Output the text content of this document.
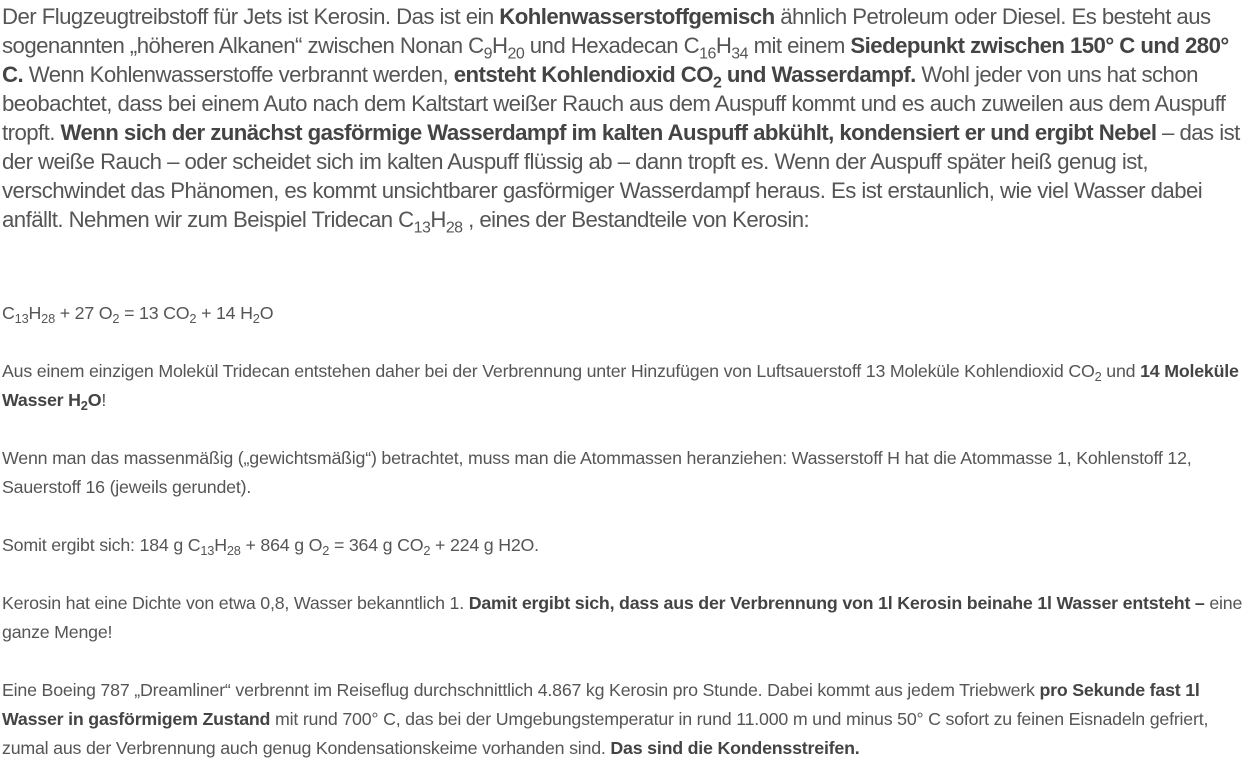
Der Flugzeugtreibstoff für Jets ist Kerosin. Das ist ein Kohlenwasserstoffgemisch ähnlich Petroleum oder Diesel. Es besteht aus sogenannten „höheren Alkanen“ zwischen Nonan $C_9H_{20}$ und Hexadecan $C_{16}H_{34}$ mit einem Siedepunkt zwischen 150° C und 280° C. Wenn Kohlenwasserstoffe verbrannt werden, entsteht Kohlendioxid $CO_2$ und Wasserdampf. Wohl jeder von uns hat schon beobachtet, dass bei einem Auto nach dem Kaltstart weißer Rauch aus dem Auspuff kommt und es auch zuweilen aus dem Auspuff tropft. Wenn sich der zunächst gasförmige Wasserdampf im kalten Auspuff abkühlt, kondensiert er und ergibt Nebel – das ist der weiße Rauch – oder scheidet sich im kalten Auspuff flüssig ab – dann tropft es. Wenn der Auspuff später heiß genug ist, verschwindet das Phänomen, es kommt unsichtbarer gasförmiger Wasserdampf heraus. Es ist erstaunlich, wie viel Wasser dabei anfällt. Nehmen wir zum Beispiel Tridecan $C_{13}H_{28}$ , eines der Bestandteile von Kerosin:

$C_{13}H_{28} + 27$ $O_2 = 13$ $CO_2 + 14$ $H_2O$

Aus einem einzigen Molekül Tridecan entstehen daher bei der Verbrennung unter Hinzufügen von Luftsauerstoff 13 Moleküle Kohlendioxid $CO_2$ und 14 Moleküle Wasser $H_2O$!

Wenn man das massenmäßig („gewichtsmäßig“) betrachtet, muss man die Atommassen heranziehen: Wasserstoff H hat die Atommasse 1, Kohlenstoff 12, Sauerstoff 16 (jeweils gerundet).

Somit ergibt sich: 184 g $C_{13}H_{28} + 864$ g $O_2 = 364$ g $CO_2 + 224$ g H2O.

Kerosin hat eine Dichte von etwa 0,8, Wasser bekanntlich 1. Damit ergibt sich, dass aus der Verbrennung von 1l Kerosin beinahe 1l Wasser entsteht – eine ganze Menge!

Eine Boeing 787 „Dreamliner“ verbrennt im Reiseflug durchschnittlich 4.867 kg Kerosin pro Stunde. Dabei kommt aus jedem Triebwerk pro Sekunde fast 1l Wasser in gasförmigem Zustand mit rund 700° C, das bei der Umgebungstemperatur in rund 11.000 m und minus 50° C sofort zu feinen Eisnadeln gefriert, zumal aus der Verbrennung auch genug Kondensationskeime vorhanden sind. Das sind die Kondensstreifen.
